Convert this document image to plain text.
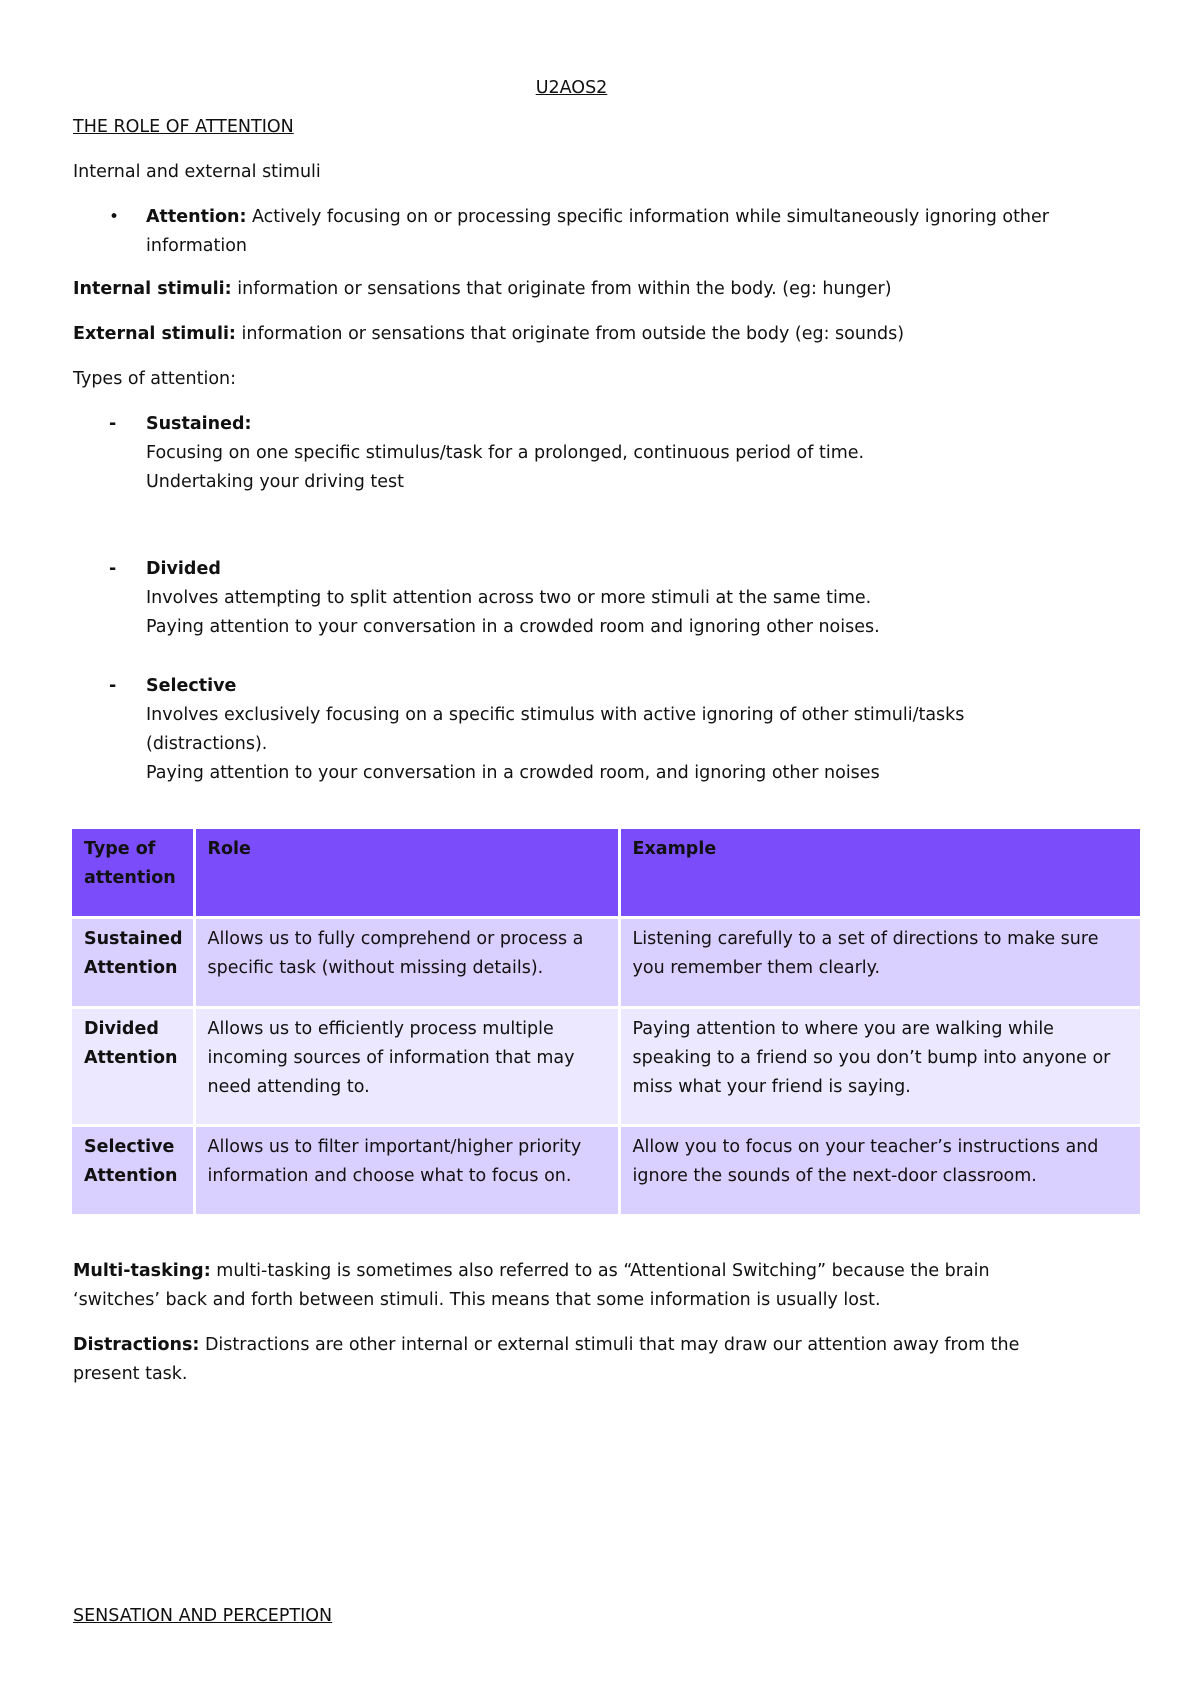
U2AOS2
THE ROLE OF ATTENTION

Internal and external stimuli

• Attention: Actively focusing on or processing specific information while simultaneously ignoring other information

Internal stimuli: information or sensations that originate from within the body. (eg: hunger)

External stimuli: information or sensations that originate from outside the body (eg: sounds)

Types of attention:

- Sustained:
Focusing on one specific stimulus/task for a prolonged, continuous period of time.
Undertaking your driving test
- Divided
Involves attempting to split attention across two or more stimuli at the same time.
Paying attention to your conversation in a crowded room and ignoring other noises.
- Selective
Involves exclusively focusing on a specific stimulus with active ignoring of other stimuli/tasks (distractions).
Paying attention to your conversation in a crowded room, and ignoring other noises
Type of attention	Role	Example
Sustained Attention	Allows us to fully comprehend or process a specific task (without missing details).	Listening carefully to a set of directions to make sure you remember them clearly.
Divided Attention	Allows us to efficiently process multiple incoming sources of information that may need attending to.	Paying attention to where you are walking while speaking to a friend so you don’t bump into anyone or miss what your friend is saying.
Selective Attention	Allows us to filter important/higher priority information and choose what to focus on.	Allow you to focus on your teacher’s instructions and ignore the sounds of the next-door classroom.

Multi-tasking: multi-tasking is sometimes also referred to as “Attentional Switching” because the brain ‘switches’ back and forth between stimuli. This means that some information is usually lost.

Distractions: Distractions are other internal or external stimuli that may draw our attention away from the present task.

SENSATION AND PERCEPTION
